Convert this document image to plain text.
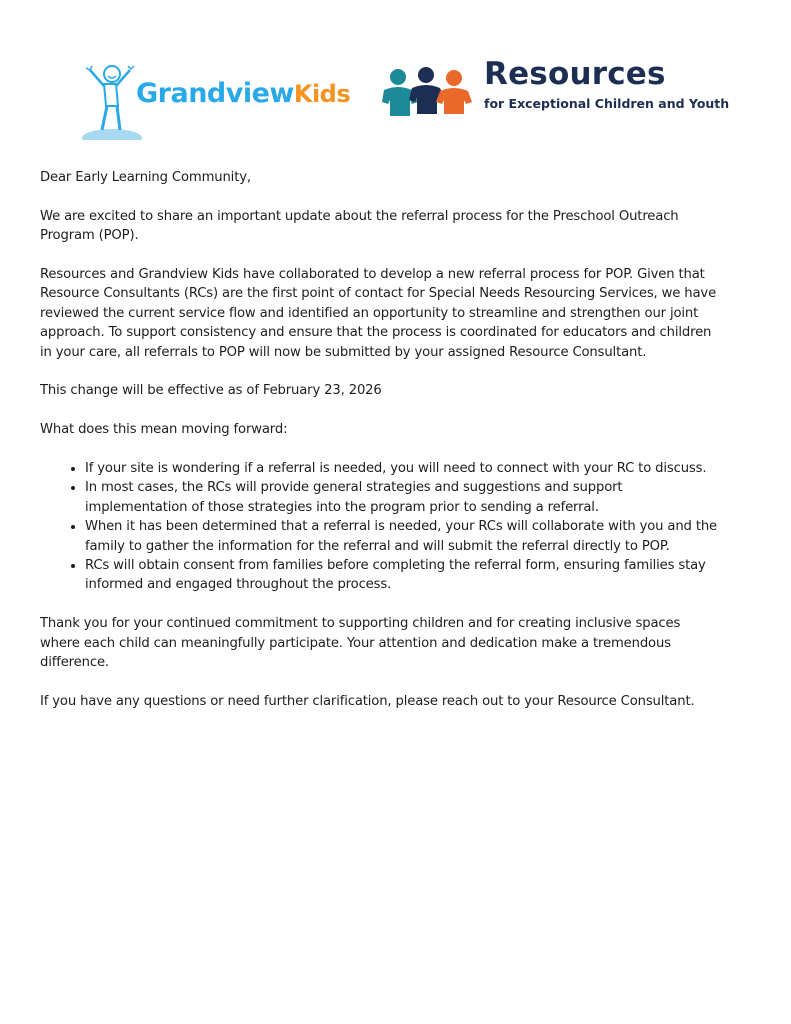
GrandviewKids
Resources
for Exceptional Children and Youth

Dear Early Learning Community,

We are excited to share an important update about the referral process for the Preschool Outreach Program (POP).

Resources and Grandview Kids have collaborated to develop a new referral process for POP. Given that Resource Consultants (RCs) are the first point of contact for Special Needs Resourcing Services, we have reviewed the current service flow and identified an opportunity to streamline and strengthen our joint approach. To support consistency and ensure that the process is coordinated for educators and children in your care, all referrals to POP will now be submitted by your assigned Resource Consultant.

This change will be effective as of February 23, 2026

What does this mean moving forward:

• If your site is wondering if a referral is needed, you will need to connect with your RC to discuss.
• In most cases, the RCs will provide general strategies and suggestions and support implementation of those strategies into the program prior to sending a referral.
• When it has been determined that a referral is needed, your RCs will collaborate with you and the family to gather the information for the referral and will submit the referral directly to POP.
• RCs will obtain consent from families before completing the referral form, ensuring families stay informed and engaged throughout the process.

Thank you for your continued commitment to supporting children and for creating inclusive spaces where each child can meaningfully participate. Your attention and dedication make a tremendous difference.

If you have any questions or need further clarification, please reach out to your Resource Consultant.
